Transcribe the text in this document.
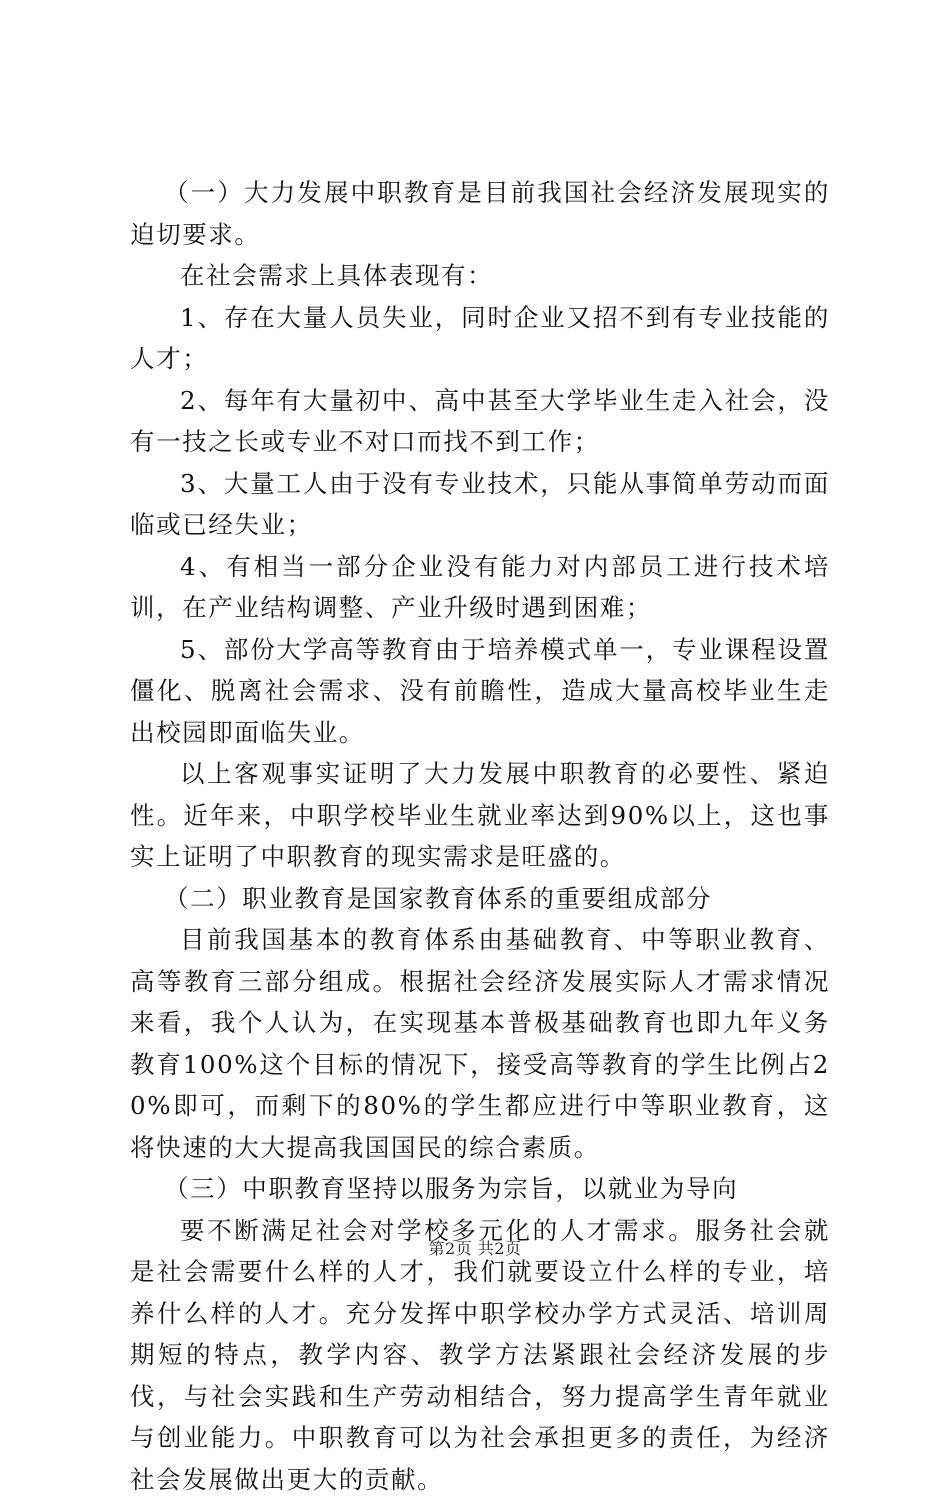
（一）大力发展中职教育是目前我国社会经济发展现实的迫切要求。

在社会需求上具体表现有：

1、存在大量人员失业，同时企业又招不到有专业技能的人才；

2、每年有大量初中、高中甚至大学毕业生走入社会，没有一技之长或专业不对口而找不到工作；

3、大量工人由于没有专业技术，只能从事简单劳动而面临或已经失业；

4、有相当一部分企业没有能力对内部员工进行技术培训，在产业结构调整、产业升级时遇到困难；

5、部份大学高等教育由于培养模式单一，专业课程设置僵化、脱离社会需求、没有前瞻性，造成大量高校毕业生走出校园即面临失业。

以上客观事实证明了大力发展中职教育的必要性、紧迫性。近年来，中职学校毕业生就业率达到90%以上，这也事实上证明了中职教育的现实需求是旺盛的。

（二）职业教育是国家教育体系的重要组成部分

目前我国基本的教育体系由基础教育、中等职业教育、高等教育三部分组成。根据社会经济发展实际人才需求情况来看，我个人认为，在实现基本普极基础教育也即九年义务教育100%这个目标的情况下，接受高等教育的学生比例占20%即可，而剩下的80%的学生都应进行中等职业教育，这将快速的大大提高我国国民的综合素质。

（三）中职教育坚持以服务为宗旨，以就业为导向

要不断满足社会对学校多元化的人才需求。服务社会就是社会需要什么样的人才，我们就要设立什么样的专业，培养什么样的人才。充分发挥中职学校办学方式灵活、培训周期短的特点，教学内容、教学方法紧跟社会经济发展的步伐，与社会实践和生产劳动相结合，努力提高学生青年就业与创业能力。中职教育可以为社会承担更多的责任，为经济社会发展做出更大的贡献。

第2页 共2页
